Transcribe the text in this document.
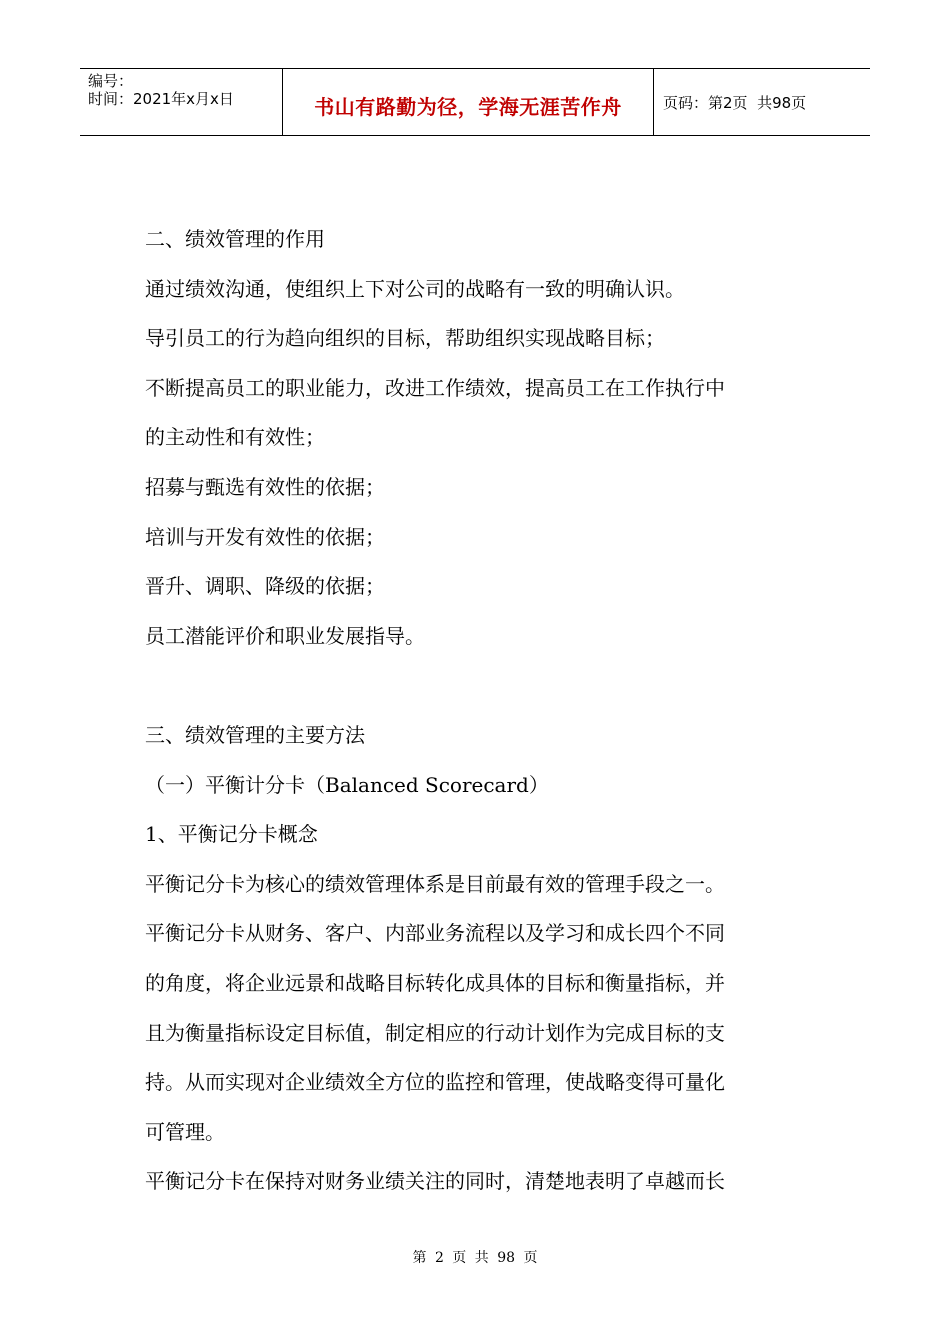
编号：
时间：2021年x月x日	书山有路勤为径，学海无涯苦作舟	页码：第2页  共98页
二、绩效管理的作用
通过绩效沟通，使组织上下对公司的战略有一致的明确认识。
导引员工的行为趋向组织的目标，帮助组织实现战略目标；
不断提高员工的职业能力，改进工作绩效，提高员工在工作执行中
的主动性和有效性；
招募与甄选有效性的依据；
培训与开发有效性的依据；
晋升、调职、降级的依据；
员工潜能评价和职业发展指导。
三、绩效管理的主要方法
（一）平衡计分卡（Balanced Scorecard）
1、平衡记分卡概念
平衡记分卡为核心的绩效管理体系是目前最有效的管理手段之一。
平衡记分卡从财务、客户、内部业务流程以及学习和成长四个不同
的角度，将企业远景和战略目标转化成具体的目标和衡量指标，并
且为衡量指标设定目标值，制定相应的行动计划作为完成目标的支
持。从而实现对企业绩效全方位的监控和管理，使战略变得可量化
可管理。
平衡记分卡在保持对财务业绩关注的同时，清楚地表明了卓越而长
第 2 页 共 98 页
